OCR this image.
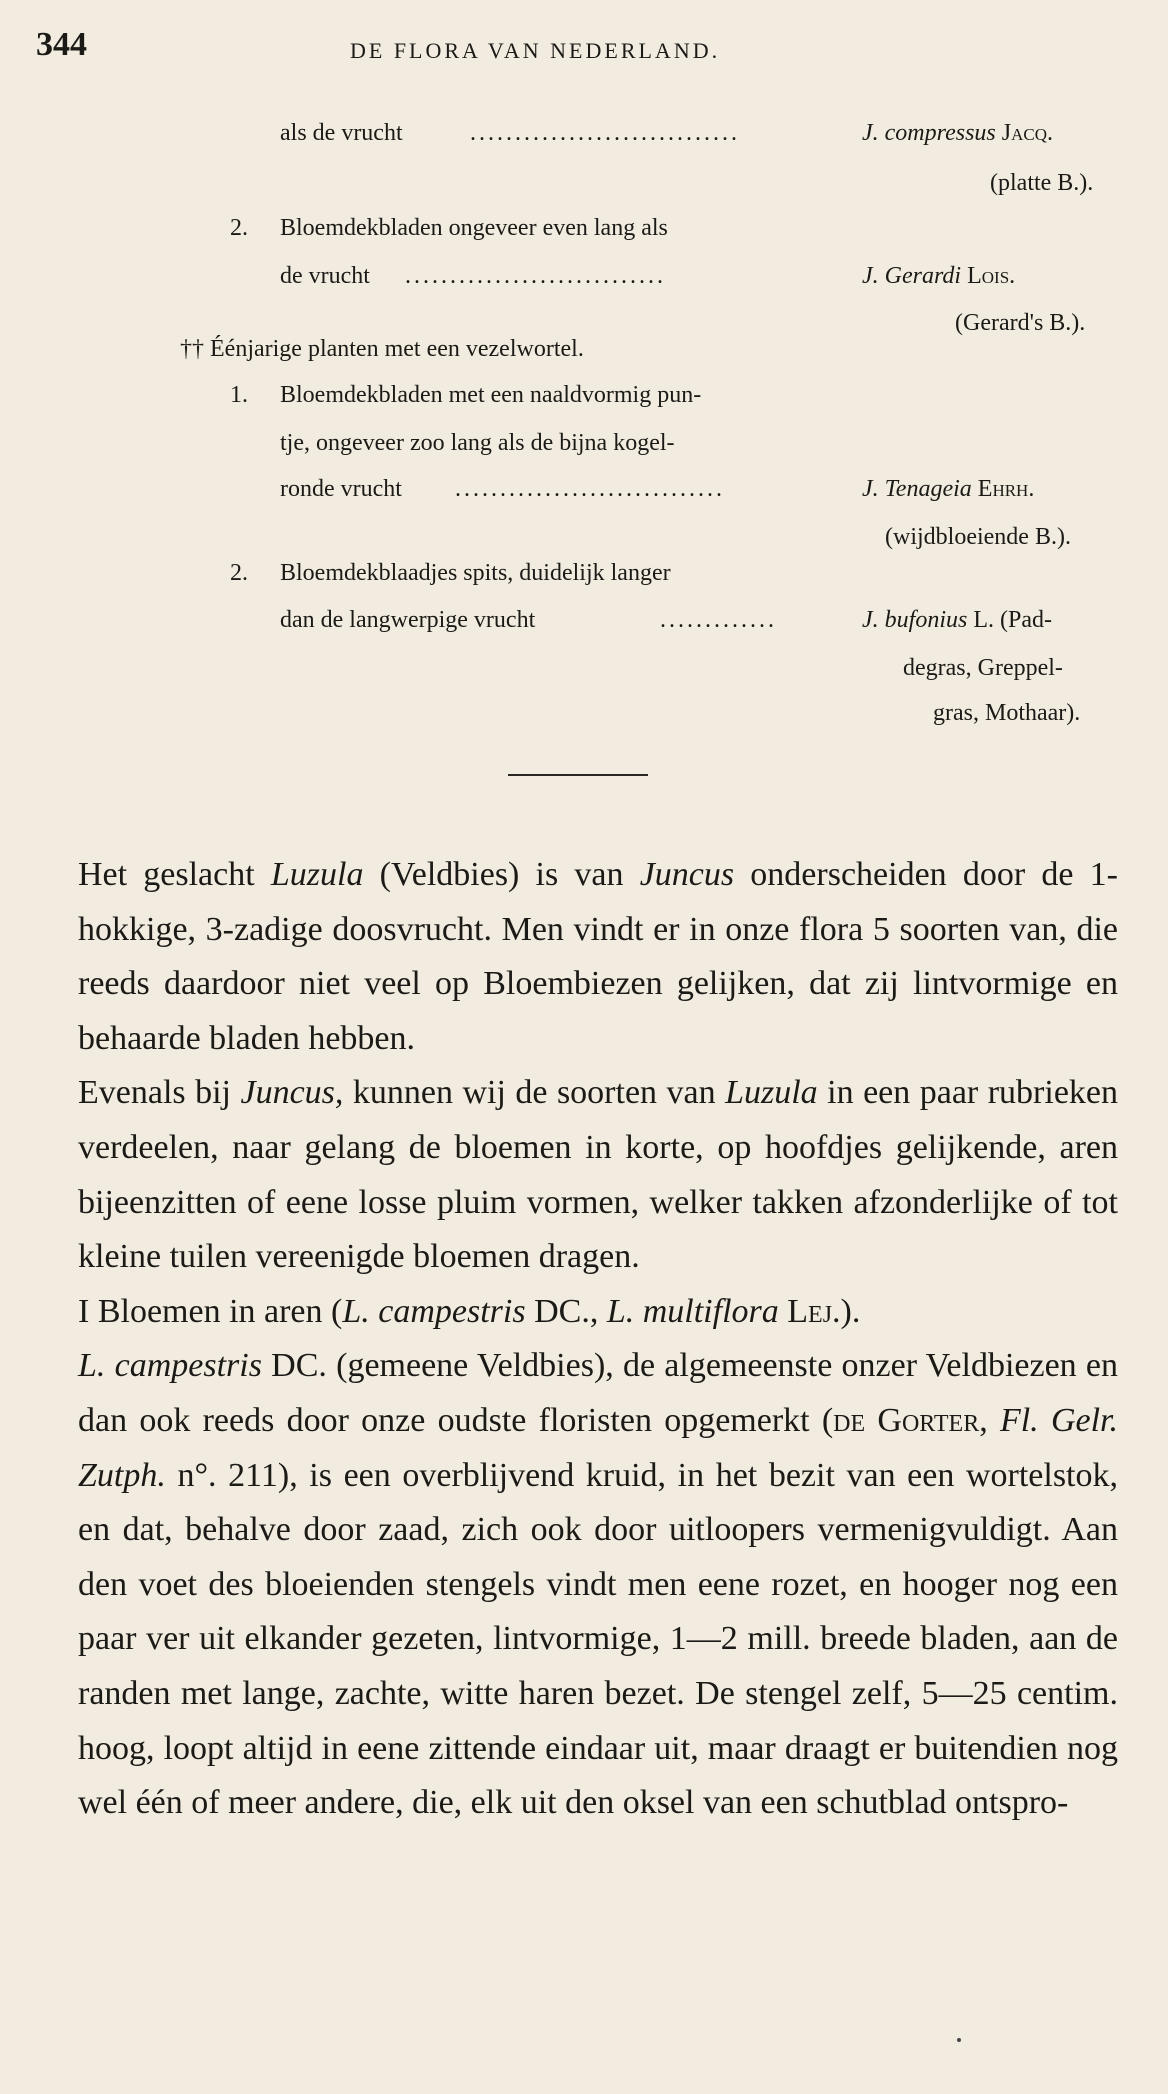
344	DE FLORA VAN NEDERLAND.
als de vrucht	..............................	J. compressus Jacq.
(platte B.).
2. Bloemdekbladen ongeveer even lang als
de vrucht .............................	J. Gerardi Lois.
(Gerard's B.).
†† Éénjarige planten met een vezelwortel.
1. Bloemdekbladen met een naaldvormig pun-
tje, ongeveer zoo lang als de bijna kogel-
ronde vrucht ..............................	J. Tenageia Ehrh.
(wijdbloeiende B.).
2. Bloemdekblaadjes spits, duidelijk langer
dan de langwerpige vrucht	.............	J. bufonius L. (Pad-
degras, Greppel-
gras, Mothaar).

Het geslacht Luzula (Veldbies) is van Juncus onderscheiden door de 1-hokkige, 3-zadige doosvrucht. Men vindt er in onze flora 5 soorten van, die reeds daardoor niet veel op Bloembiezen gelijken, dat zij lintvormige en behaarde bladen hebben.

Evenals bij Juncus, kunnen wij de soorten van Luzula in een paar rubrieken verdeelen, naar gelang de bloemen in korte, op hoofdjes gelijkende, aren bijeenzitten of eene losse pluim vormen, welker takken afzonderlijke of tot kleine tuilen vereenigde bloemen dragen.

I Bloemen in aren (L. campestris DC., L. multiflora Lej.).

L. campestris DC. (gemeene Veldbies), de algemeenste onzer Veldbiezen en dan ook reeds door onze oudste floristen opgemerkt (de Gorter, Fl. Gelr. Zutph. n°. 211), is een overblijvend kruid, in het bezit van een wortelstok, en dat, behalve door zaad, zich ook door uitloopers vermenigvuldigt. Aan den voet des bloeienden stengels vindt men eene rozet, en hooger nog een paar ver uit elkander gezeten, lintvormige, 1—2 mill. breede bladen, aan de randen met lange, zachte, witte haren bezet. De stengel zelf, 5—25 centim. hoog, loopt altijd in eene zittende eindaar uit, maar draagt er buitendien nog wel één of meer andere, die, elk uit den oksel van een schutblad ontspro-
